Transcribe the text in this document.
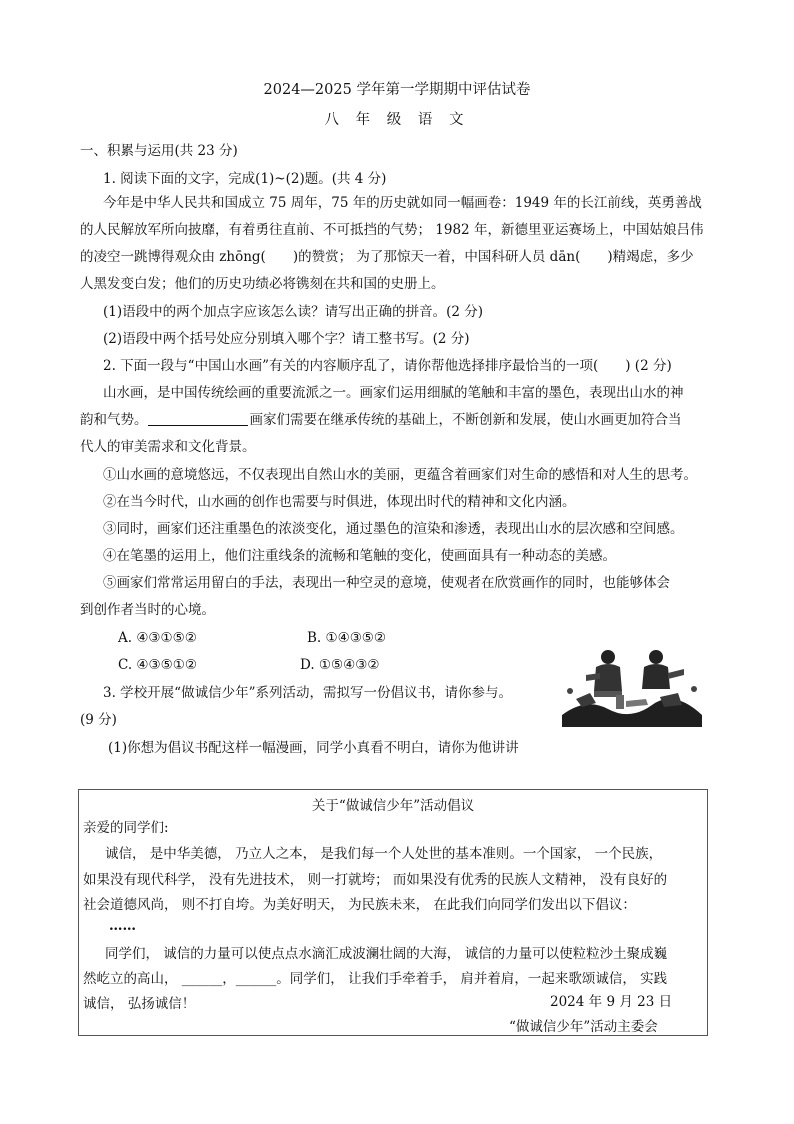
2024—2025 学年第一学期期中评估试卷
八 年 级 语 文
一、积累与运用(共 23 分)
1. 阅读下面的文字，完成(1)~(2)题。(共 4 分)
今年是中华人民共和国成立 75 周年，75 年的历史就如同一幅画卷：1949 年的长江前线，英勇善战
的人民解放军所向披靡，有着勇往直前、不可抵挡的气势； 1982 年，新德里亚运赛场上，中国姑娘吕伟
的凌空一跳博得观众由 zhōng(　　)的赞赏； 为了那惊天一着，中国科研人员 dān(　　)精竭虑，多少
人黑发变白发；他们的历史功绩必将镌刻在共和国的史册上。
(1)语段中的两个加点字应该怎么读？请写出正确的拼音。(2 分)
(2)语段中两个括号处应分别填入哪个字？请工整书写。(2 分)
2. 下面一段与“中国山水画”有关的内容顺序乱了，请你帮他选择排序最恰当的一项(　　) (2 分)
山水画，是中国传统绘画的重要流派之一。画家们运用细腻的笔触和丰富的墨色，表现出山水的神
韵和气势。	画家们需要在继承传统的基础上，不断创新和发展，使山水画更加符合当
代人的审美需求和文化背景。
①山水画的意境悠远，不仅表现出自然山水的美丽，更蕴含着画家们对生命的感悟和对人生的思考。
②在当今时代，山水画的创作也需要与时俱进，体现出时代的精神和文化内涵。
③同时，画家们还注重墨色的浓淡变化，通过墨色的渲染和渗透，表现出山水的层次感和空间感。
④在笔墨的运用上，他们注重线条的流畅和笔触的变化，使画面具有一种动态的美感。
⑤画家们常常运用留白的手法，表现出一种空灵的意境，使观者在欣赏画作的同时，也能够体会
到创作者当时的心境。
A. ④③①⑤②	B. ①④③⑤②
C. ④③⑤①②	D. ①⑤④③②
3. 学校开展“做诚信少年”系列活动，需拟写一份倡议书，请你参与。
(9 分)
(1)你想为倡议书配这样一幅漫画，同学小真看不明白，请你为他讲讲
关于“做诚信少年”活动倡议
亲爱的同学们:
诚信， 是中华美德， 乃立人之本， 是我们每一个人处世的基本准则。一个国家， 一个民族，
如果没有现代科学， 没有先进技术， 则一打就垮； 而如果没有优秀的民族人文精神， 没有良好的
社会道德风尚， 则不打自垮。为美好明天， 为民族未来， 在此我们向同学们发出以下倡议：
……
同学们， 诚信的力量可以使点点水滴汇成波澜壮阔的大海， 诚信的力量可以使粒粒沙土聚成巍
然屹立的高山， ______，______。同学们， 让我们手牵着手， 肩并着肩，一起来歌颂诚信， 实践
诚信， 弘扬诚信！	2024 年 9 月 23 日
“做诚信少年”活动主委会
